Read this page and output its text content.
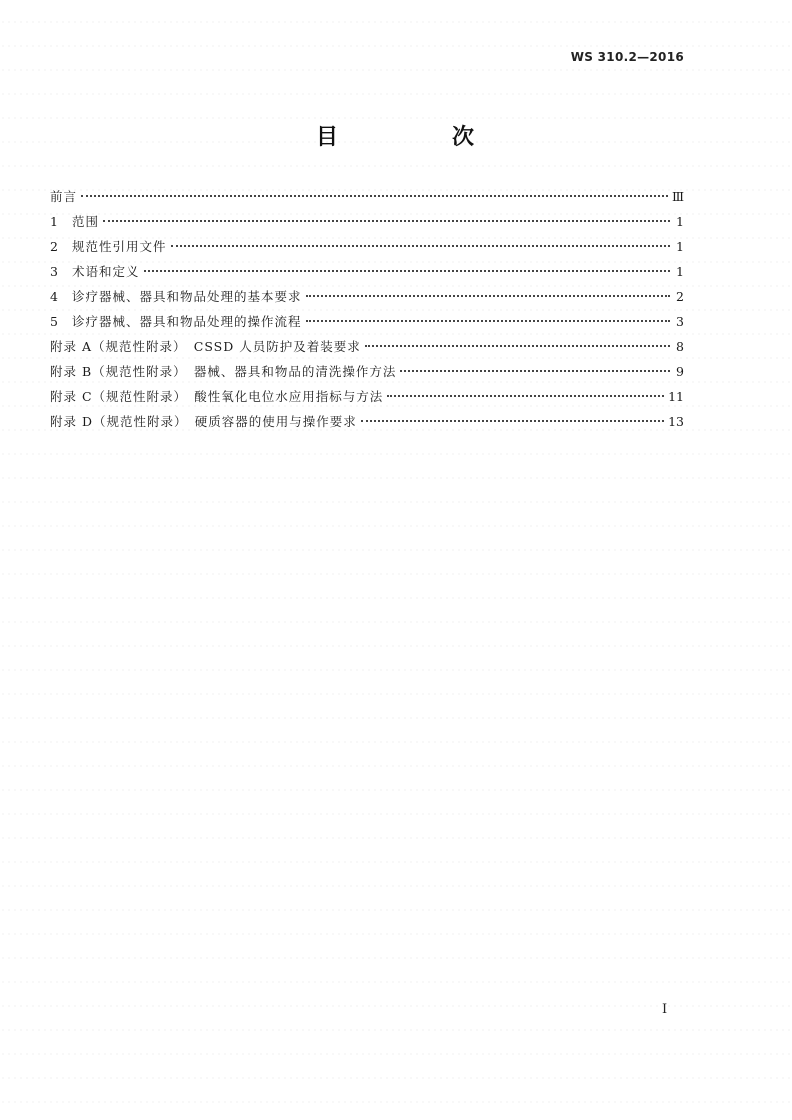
WS 310.2—2016
目　次
前言	Ⅲ
1	范围	1
2	规范性引用文件	1
3	术语和定义	1
4	诊疗器械、器具和物品处理的基本要求	2
5	诊疗器械、器具和物品处理的操作流程	3
附录 A（规范性附录）　CSSD 人员防护及着装要求	8
附录 B（规范性附录）　器械、器具和物品的清洗操作方法	9
附录 C（规范性附录）　酸性氧化电位水应用指标与方法	11
附录 D（规范性附录）　硬质容器的使用与操作要求	13
I
